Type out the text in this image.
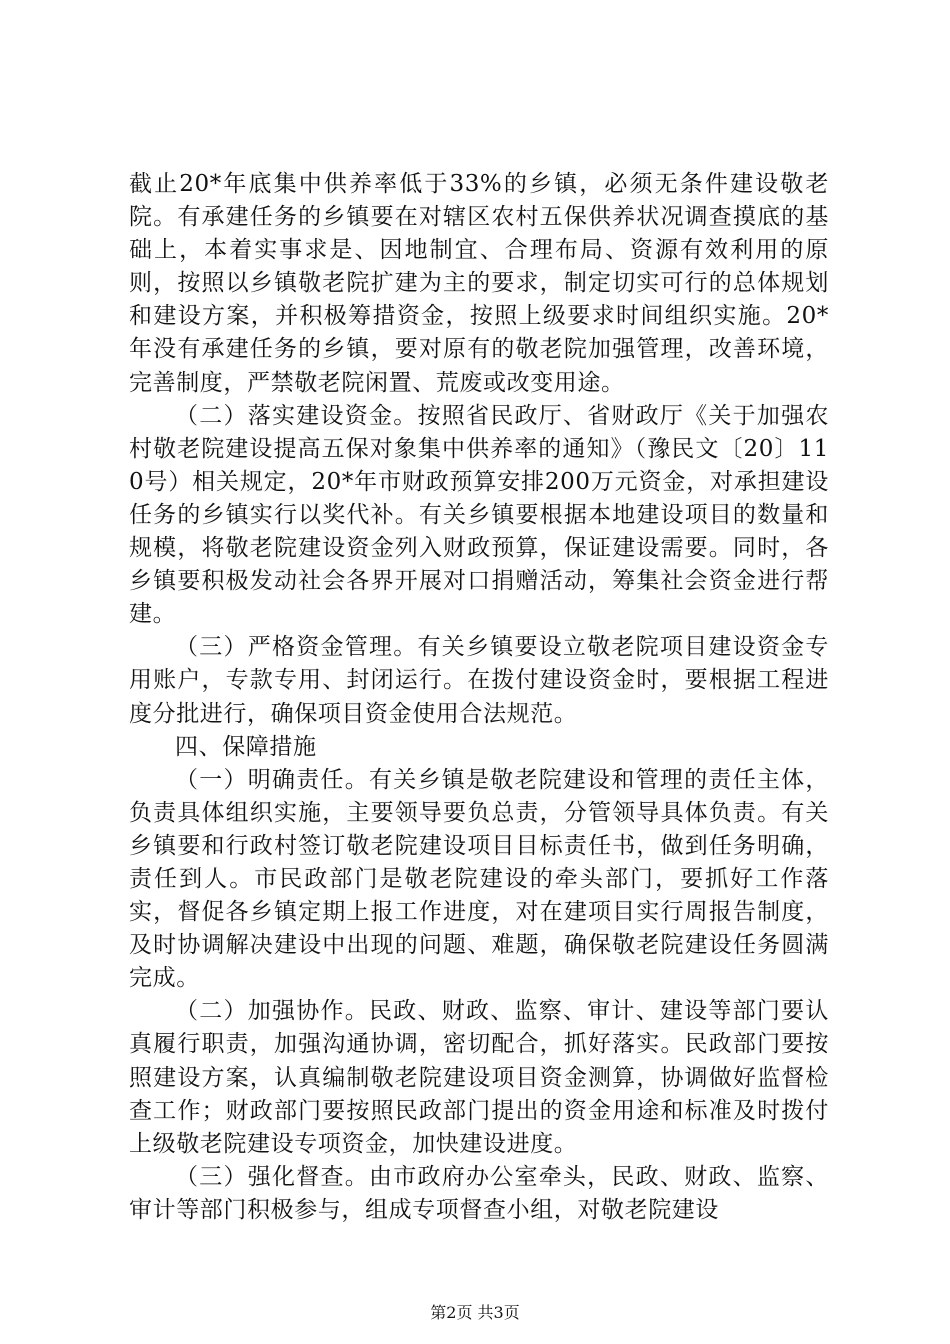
截止20*年底集中供养率低于33%的乡镇，必须无条件建设敬老院。有承建任务的乡镇要在对辖区农村五保供养状况调查摸底的基础上，本着实事求是、因地制宜、合理布局、资源有效利用的原则，按照以乡镇敬老院扩建为主的要求，制定切实可行的总体规划和建设方案，并积极筹措资金，按照上级要求时间组织实施。20*年没有承建任务的乡镇，要对原有的敬老院加强管理，改善环境，完善制度，严禁敬老院闲置、荒废或改变用途。

（二）落实建设资金。按照省民政厅、省财政厅《关于加强农村敬老院建设提高五保对象集中供养率的通知》（豫民文〔20〕110号）相关规定，20*年市财政预算安排200万元资金，对承担建设任务的乡镇实行以奖代补。有关乡镇要根据本地建设项目的数量和规模，将敬老院建设资金列入财政预算，保证建设需要。同时，各乡镇要积极发动社会各界开展对口捐赠活动，筹集社会资金进行帮建。

（三）严格资金管理。有关乡镇要设立敬老院项目建设资金专用账户，专款专用、封闭运行。在拨付建设资金时，要根据工程进度分批进行，确保项目资金使用合法规范。

四、保障措施

（一）明确责任。有关乡镇是敬老院建设和管理的责任主体，负责具体组织实施，主要领导要负总责，分管领导具体负责。有关乡镇要和行政村签订敬老院建设项目目标责任书，做到任务明确，责任到人。市民政部门是敬老院建设的牵头部门，要抓好工作落实，督促各乡镇定期上报工作进度，对在建项目实行周报告制度，及时协调解决建设中出现的问题、难题，确保敬老院建设任务圆满完成。

（二）加强协作。民政、财政、监察、审计、建设等部门要认真履行职责，加强沟通协调，密切配合，抓好落实。民政部门要按照建设方案，认真编制敬老院建设项目资金测算，协调做好监督检查工作；财政部门要按照民政部门提出的资金用途和标准及时拨付上级敬老院建设专项资金，加快建设进度。

（三）强化督查。由市政府办公室牵头，民政、财政、监察、审计等部门积极参与，组成专项督查小组，对敬老院建设

第2页 共3页
